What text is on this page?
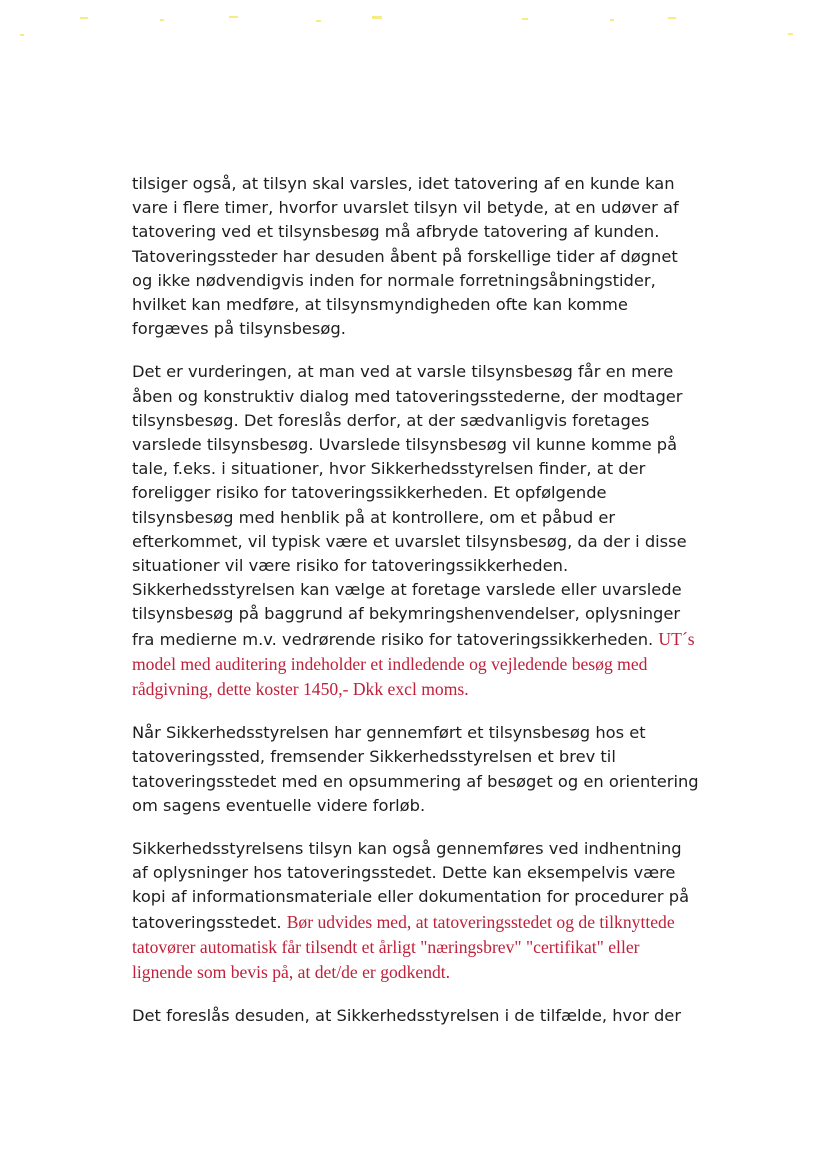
tilsiger også, at tilsyn skal varsles, idet tatovering af en kunde kan vare i flere timer, hvorfor uvarslet tilsyn vil betyde, at en udøver af tatovering ved et tilsynsbesøg må afbryde tatovering af kunden. Tatoveringssteder har desuden åbent på forskellige tider af døgnet og ikke nødvendigvis inden for normale forretningsåbningstider, hvilket kan medføre, at tilsynsmyndigheden ofte kan komme forgæves på tilsynsbesøg.

Det er vurderingen, at man ved at varsle tilsynsbesøg får en mere åben og konstruktiv dialog med tatoveringsstederne, der modtager tilsynsbesøg. Det foreslås derfor, at der sædvanligvis foretages varslede tilsynsbesøg. Uvarslede tilsynsbesøg vil kunne komme på tale, f.eks. i situationer, hvor Sikkerhedsstyrelsen finder, at der foreligger risiko for tatoveringssikkerheden. Et opfølgende tilsynsbesøg med henblik på at kontrollere, om et påbud er efterkommet, vil typisk være et uvarslet tilsynsbesøg, da der i disse situationer vil være risiko for tatoveringssikkerheden. Sikkerhedsstyrelsen kan vælge at foretage varslede eller uvarslede tilsynsbesøg på baggrund af bekymringshenvendelser, oplysninger fra medierne m.v. vedrørende risiko for tatoveringssikkerheden. UT´s model med auditering indeholder et indledende og vejledende besøg med rådgivning, dette koster 1450,- Dkk excl moms.

Når Sikkerhedsstyrelsen har gennemført et tilsynsbesøg hos et tatoveringssted, fremsender Sikkerhedsstyrelsen et brev til tatoveringsstedet med en opsummering af besøget og en orientering om sagens eventuelle videre forløb.

Sikkerhedsstyrelsens tilsyn kan også gennemføres ved indhentning af oplysninger hos tatoveringsstedet. Dette kan eksempelvis være kopi af informationsmateriale eller dokumentation for procedurer på tatoveringsstedet. Bør udvides med, at tatoveringsstedet og de tilknyttede tatovører automatisk får tilsendt et årligt "næringsbrev" "certifikat" eller lignende som bevis på, at det/de er godkendt.

Det foreslås desuden, at Sikkerhedsstyrelsen i de tilfælde, hvor der
